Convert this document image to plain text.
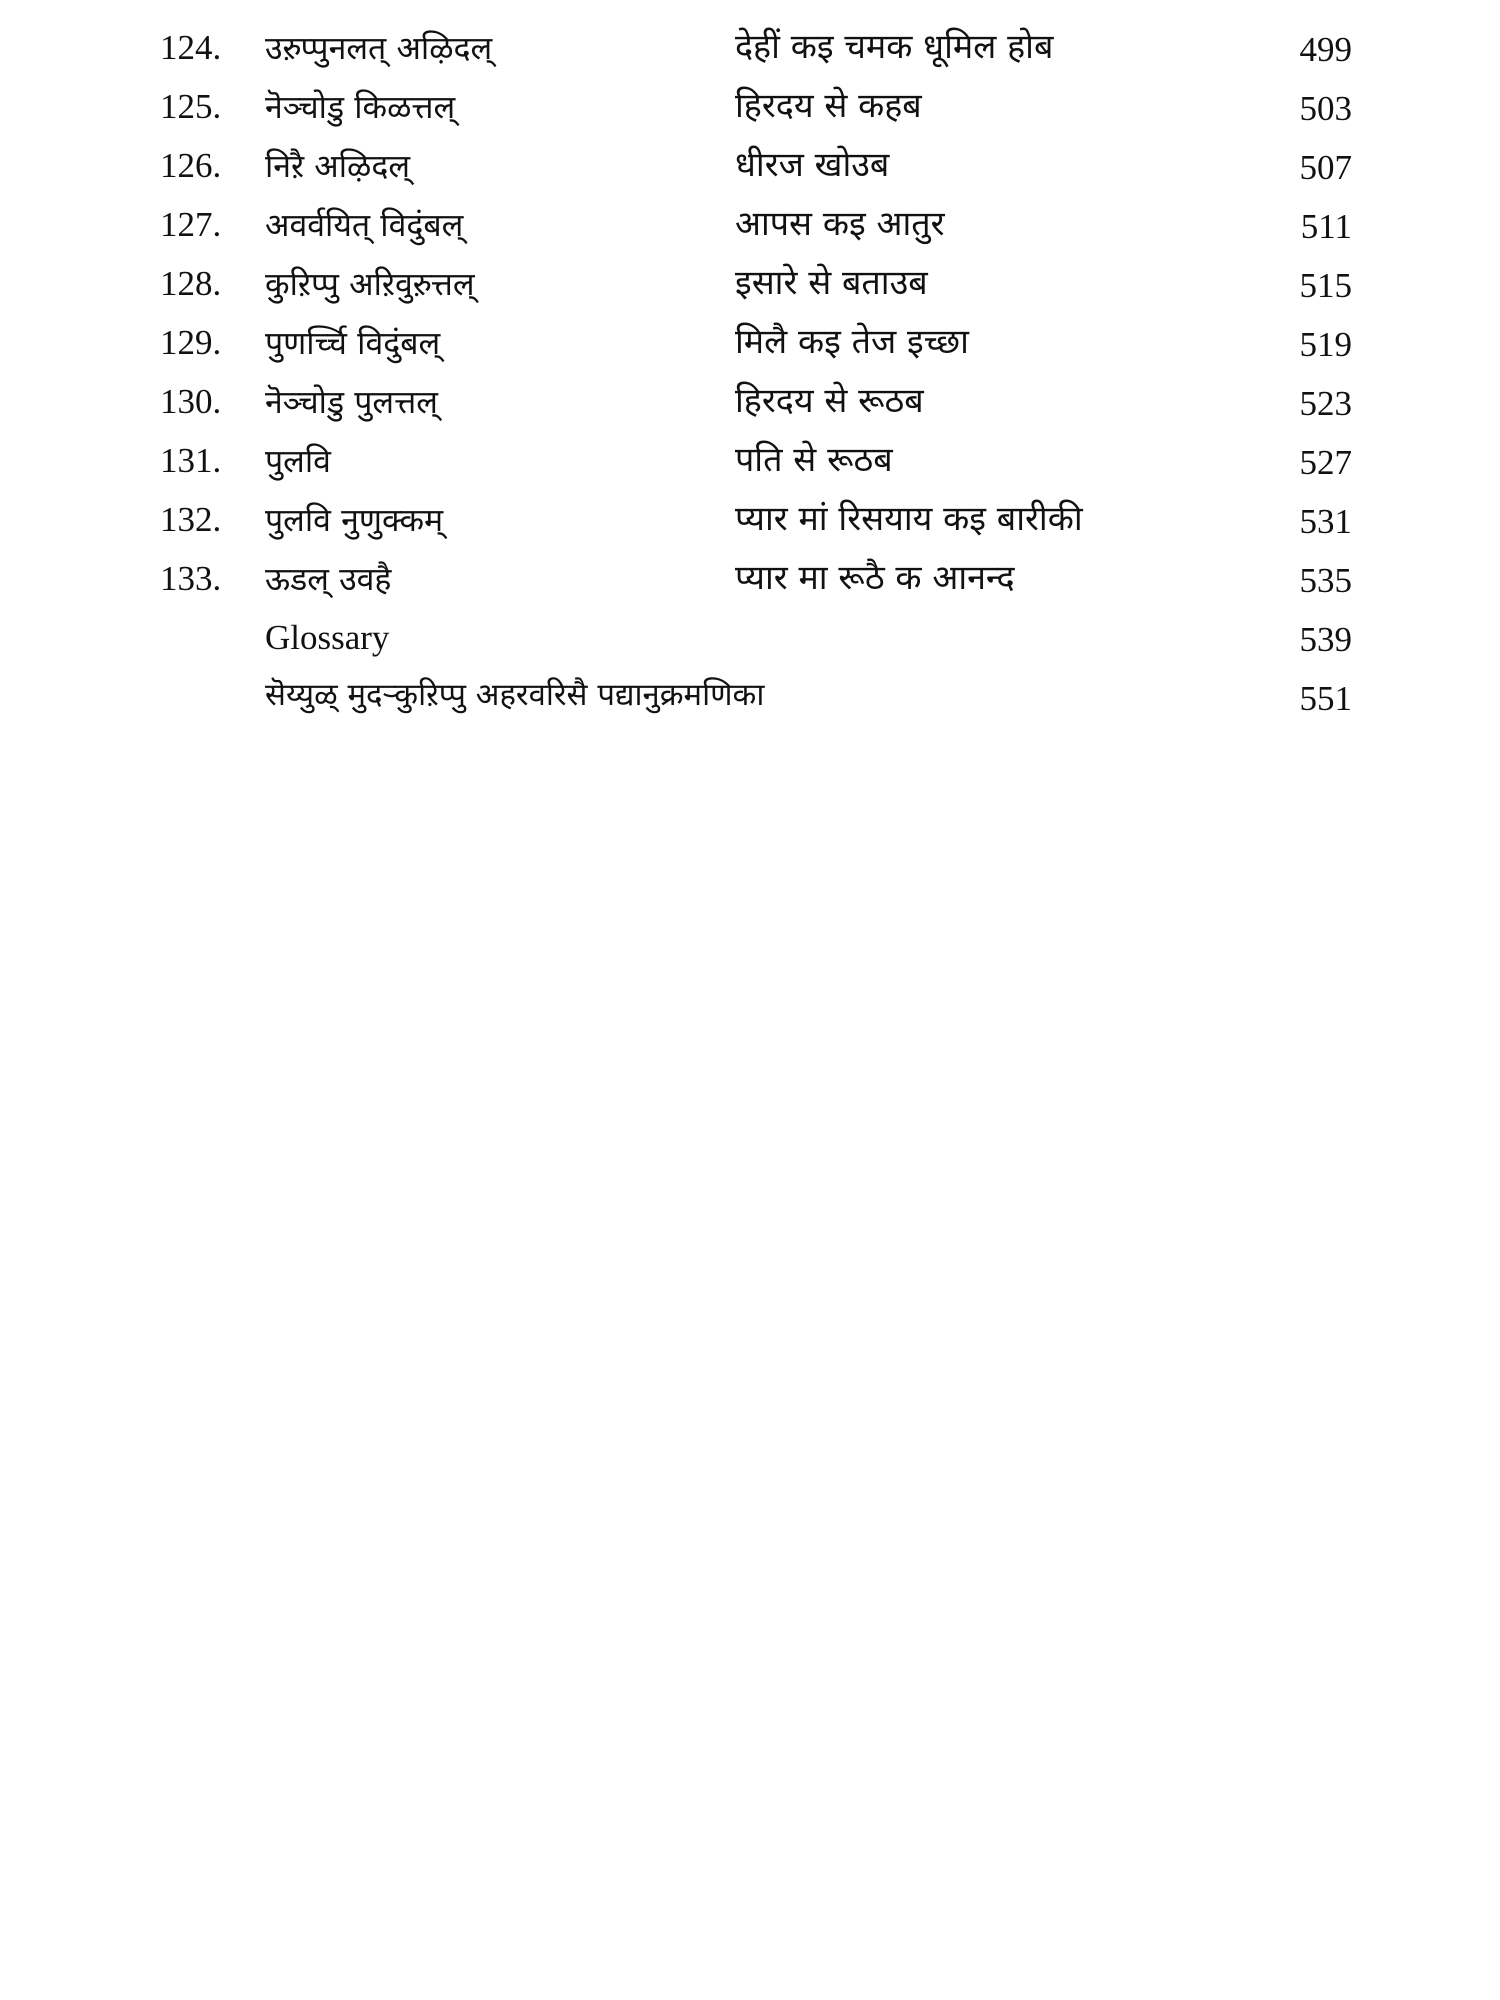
124. उऱुप्पुनलत् अऴिदल्	देहीं कइ चमक धूमिल होब	499
125. नॆञ्चोडु किळत्तल्	हिरदय से कहब	503
126. निऱै अऴिदल्	धीरज खोउब	507
127. अवर्वयित् विदुंबल्	आपस कइ आतुर	511
128. कुऱिप्पु अऱिवुऱुत्तल्	इसारे से बताउब	515
129. पुणर्च्चि विदुंबल्	मिलै कइ तेज इच्छा	519
130. नॆञ्चोडु पुलत्तल्	हिरदय से रूठब	523
131. पुलवि	पति से रूठब	527
132. पुलवि नुणुक्कम्	प्यार मां रिसयाय कइ बारीकी	531
133. ऊडल् उवहै	प्यार मा रूठै क आनन्द	535
Glossary	539
सॆय्युळ् मुदऱ्कुऱिप्पु अहरवरिसै पद्यानुक्रमणिका	551
